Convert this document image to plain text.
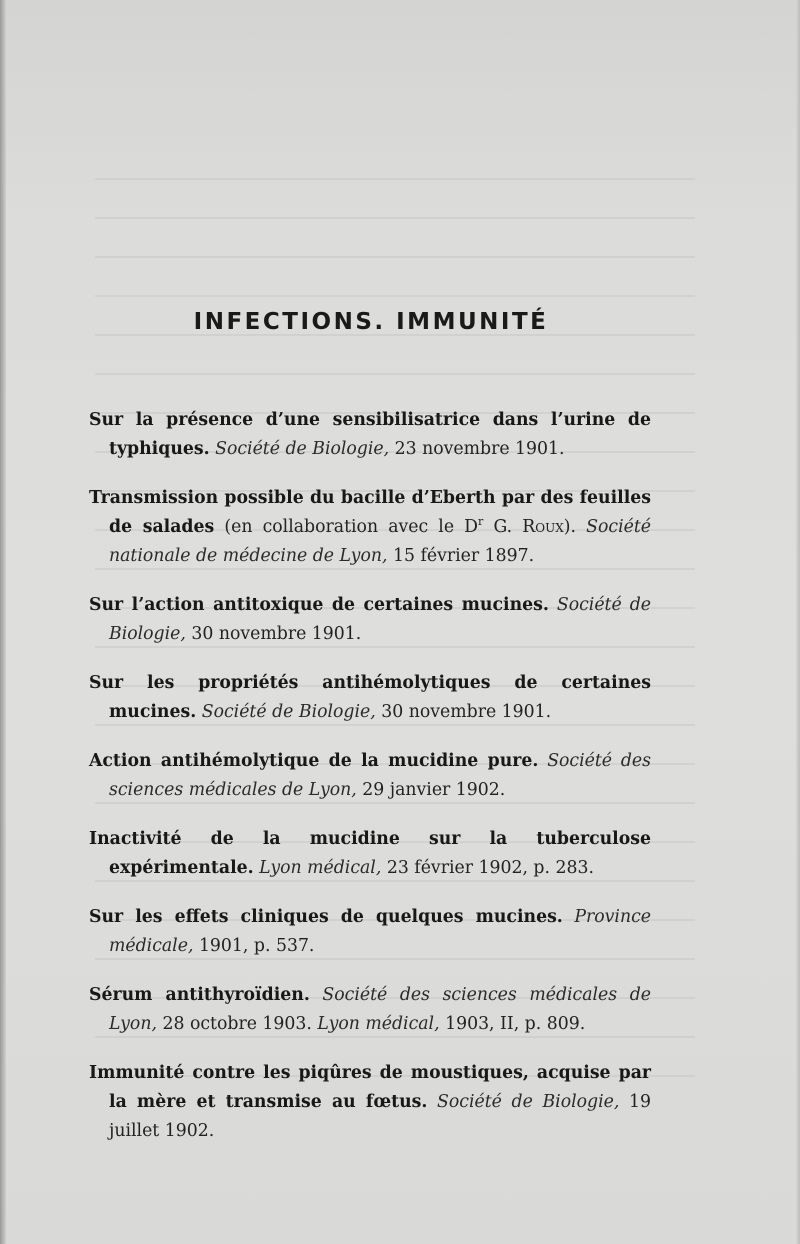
INFECTIONS. IMMUNITÉ

Sur la présence d’une sensibilisatrice dans l’urine de typhiques. Société de Biologie, 23 novembre 1901.

Transmission possible du bacille d’Eberth par des feuilles de salades (en collaboration avec le $D^r$ G. Roux). Société nationale de médecine de Lyon, 15 février 1897.

Sur l’action antitoxique de certaines mucines. Société de Biologie, 30 novembre 1901.

Sur les propriétés antihémolytiques de certaines mucines. Société de Biologie, 30 novembre 1901.

Action antihémolytique de la mucidine pure. Société des sciences médicales de Lyon, 29 janvier 1902.

Inactivité de la mucidine sur la tuberculose expérimentale. Lyon médical, 23 février 1902, p. 283.

Sur les effets cliniques de quelques mucines. Province médicale, 1901, p. 537.

Sérum antithyroïdien. Société des sciences médicales de Lyon, 28 octobre 1903. Lyon médical, 1903, II, p. 809.

Immunité contre les piqûres de moustiques, acquise par la mère et transmise au fœtus. Société de Biologie, 19 juillet 1902.
